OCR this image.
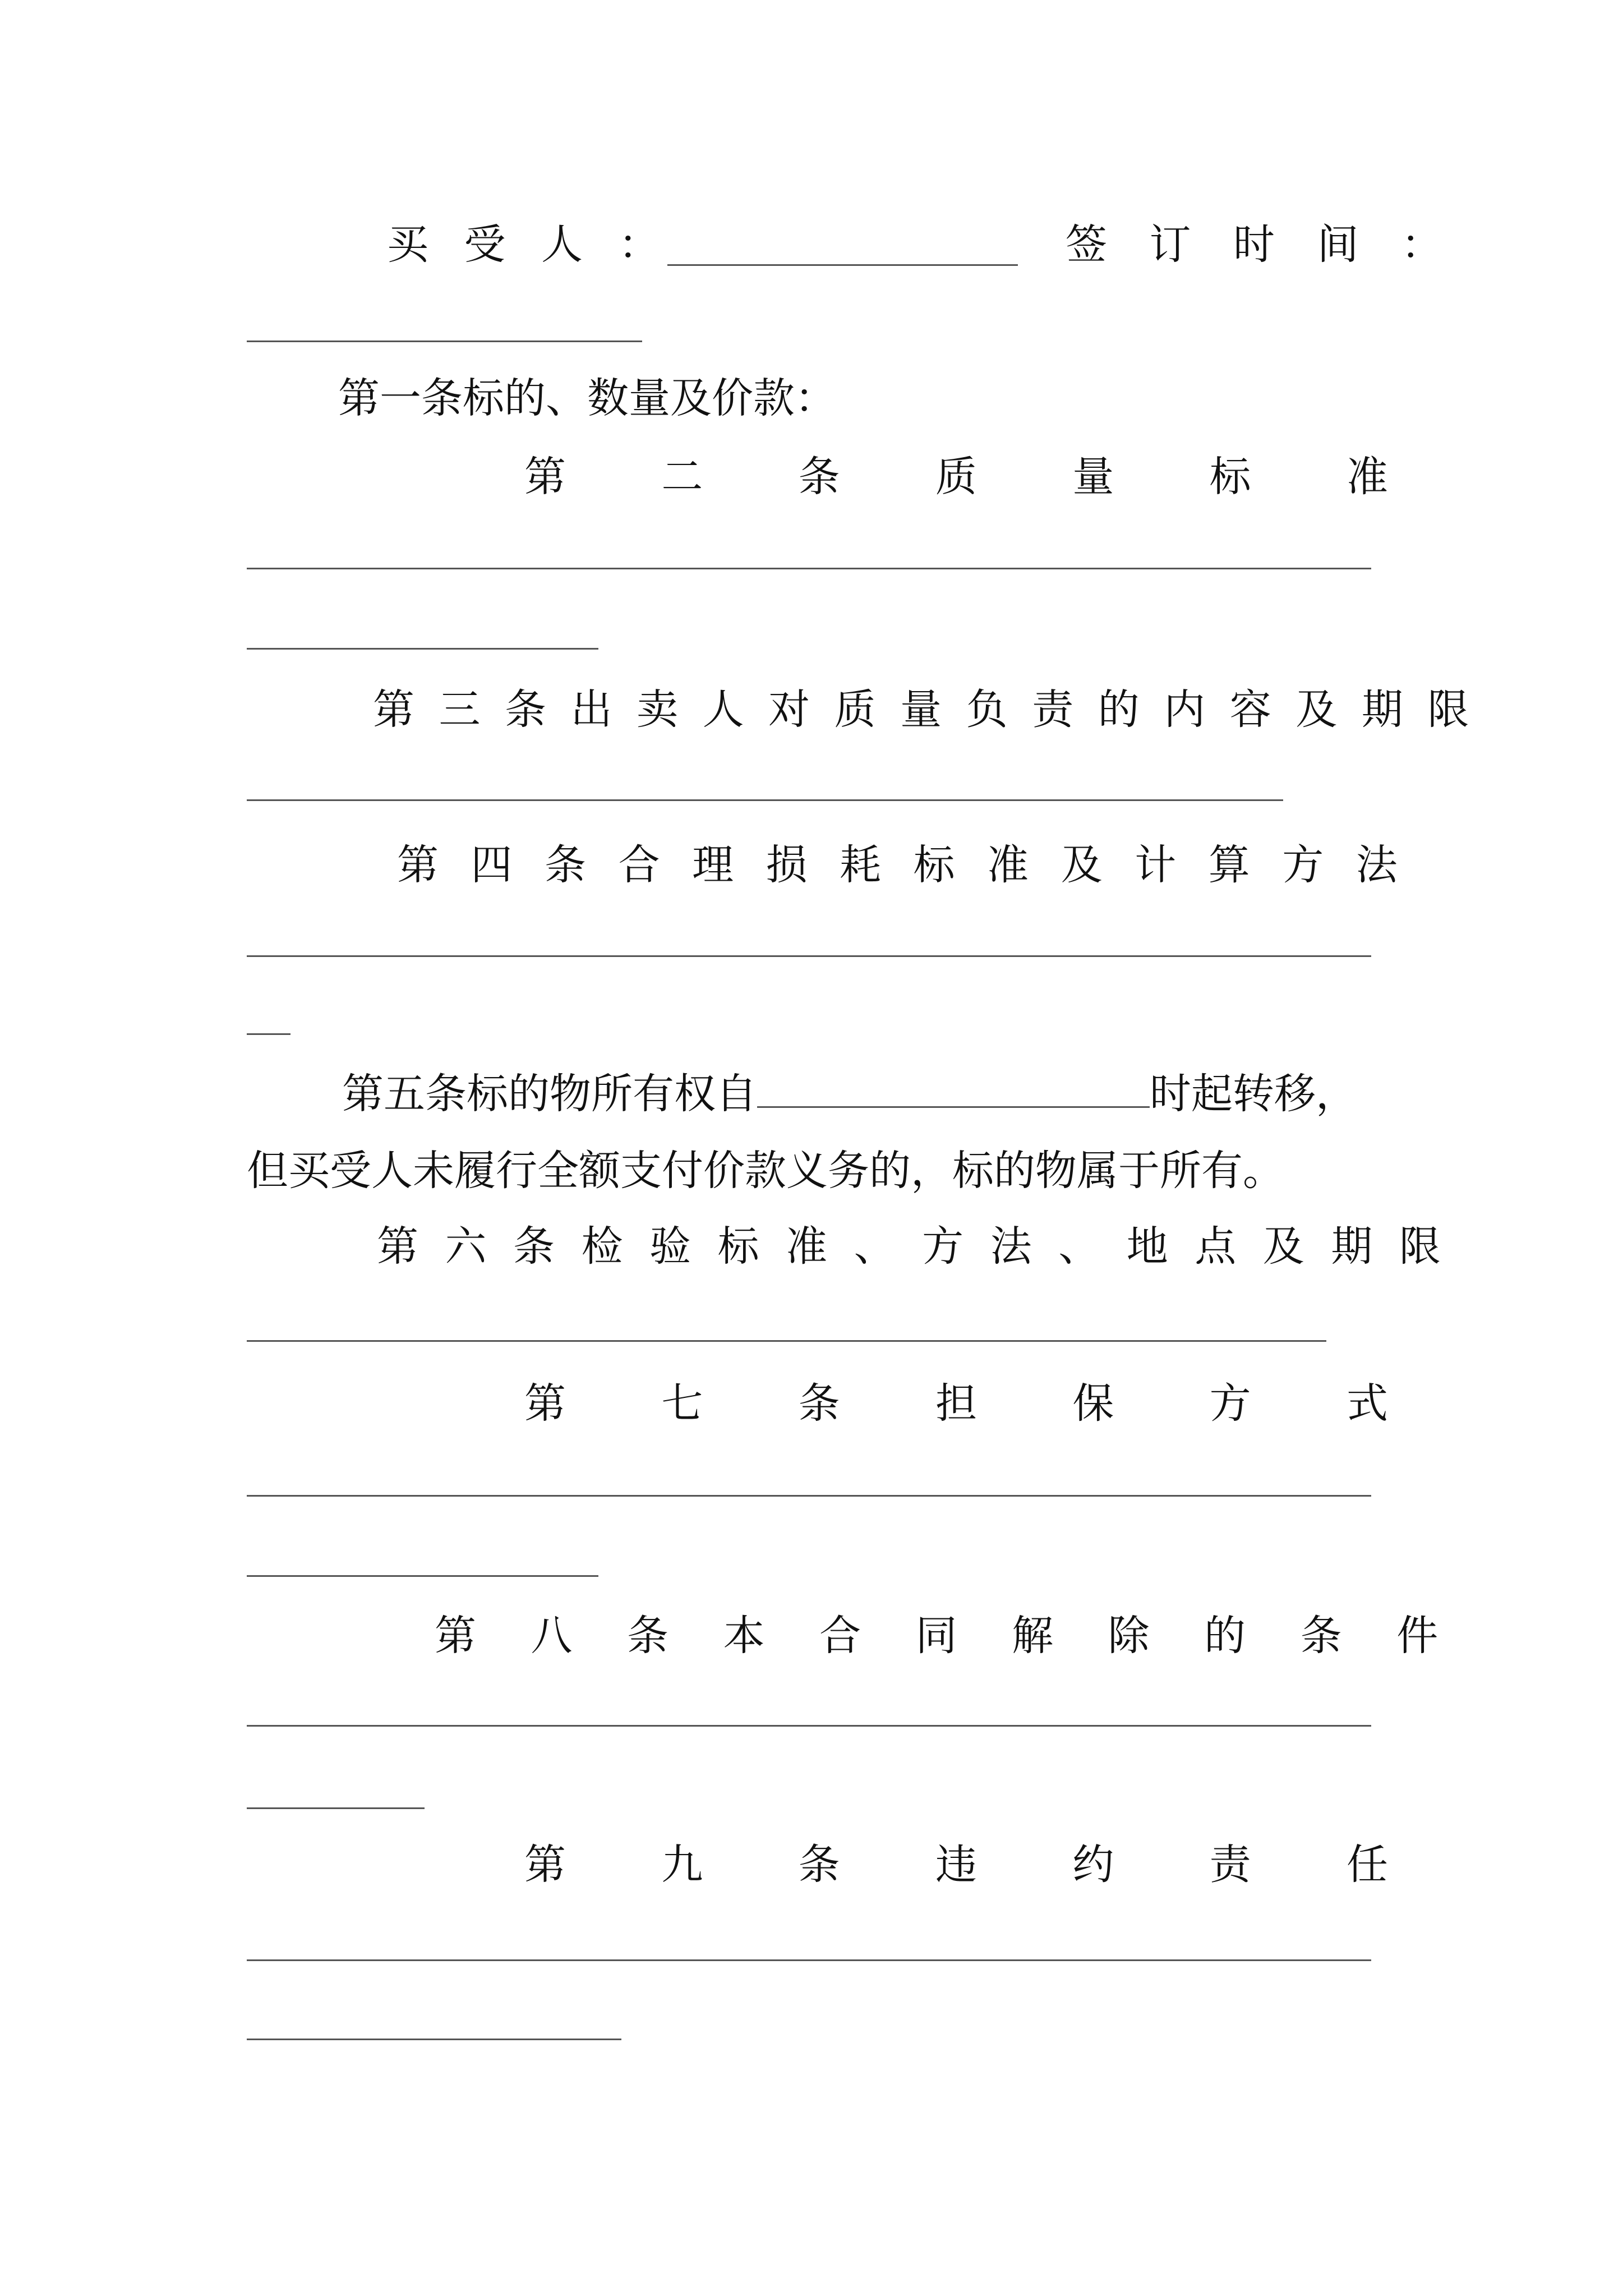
买 受 人 ：	签 订 时 间 ：
第一条标的、数量及价款：
第 二 条 质 量 标 准
第 三 条 出 卖 人 对 质 量 负 责 的 内 容 及 期 限
第 四 条 合 理 损 耗 标 准 及 计 算 方 法
第五条标的物所有权自	时起转移，
但买受人未履行全额支付价款义务的，标的物属于所有。
第 六 条 检 验 标 准 、 方 法 、 地 点 及 期 限
第 七 条 担 保 方 式
第 八 条 本 合 同 解 除 的 条 件
第 九 条 违 约 责 任
